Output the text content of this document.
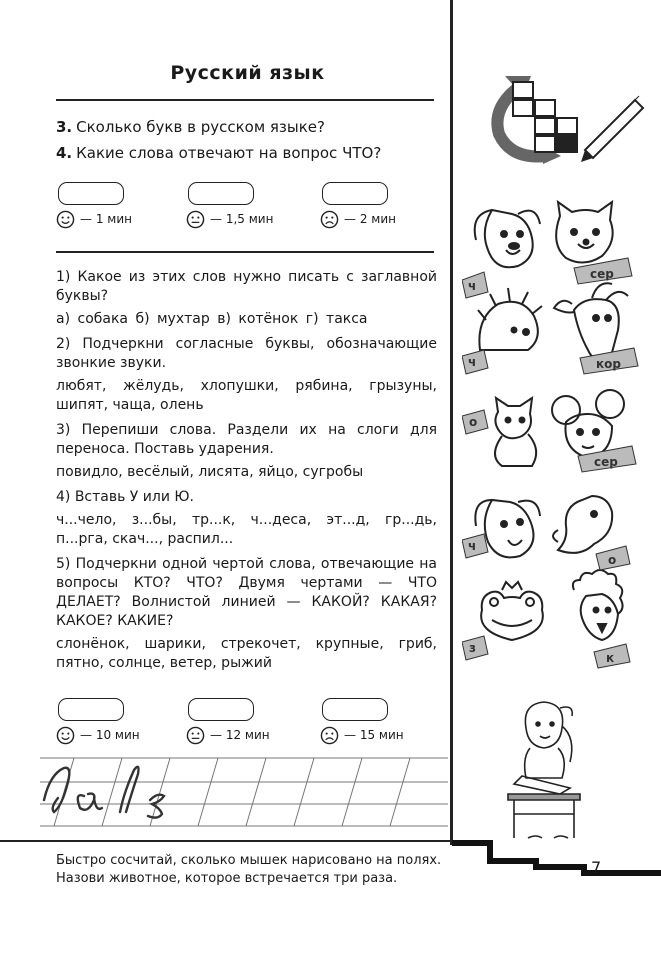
Русский язык
3. Сколько букв в русском языке?
4. Какие слова отвечают на вопрос ЧТО?
— 1 мин	— 1,5 мин	— 2 мин

1) Какое из этих слов нужно писать с заглавной буквы?

а) собака б) мухтар в) котёнок г) такса

2) Подчеркни согласные буквы, обозначающие звонкие звуки.

любят, жёлудь, хлопушки, рябина, грызуны, шипят, чаща, олень

3) Перепиши слова. Раздели их на слоги для переноса. Поставь ударения.

повидло, весёлый, лисята, яйцо, сугробы

4) Вставь У или Ю.

ч...чело, з...бы, тр...к, ч...деса, эт...д, гр...дь, п...рга, скач..., распил...

5) Подчеркни одной чертой слова, отвечающие на вопросы КТО? ЧТО? Двумя чертами — ЧТО ДЕЛАЕТ? Волнистой линией — КАКОЙ? КАКАЯ? КАКОЕ? КАКИЕ?

слонёнок, шарики, стрекочет, крупные, гриб, пятно, солнце, ветер, рыжий

— 10 мин	— 12 мин	— 15 мин
ч
сер
ч	кор
о
сер
ч
о
з
к
Быстро сосчитай, сколько мышек нарисовано на полях. Назови животное, которое встречается три раза.
7
